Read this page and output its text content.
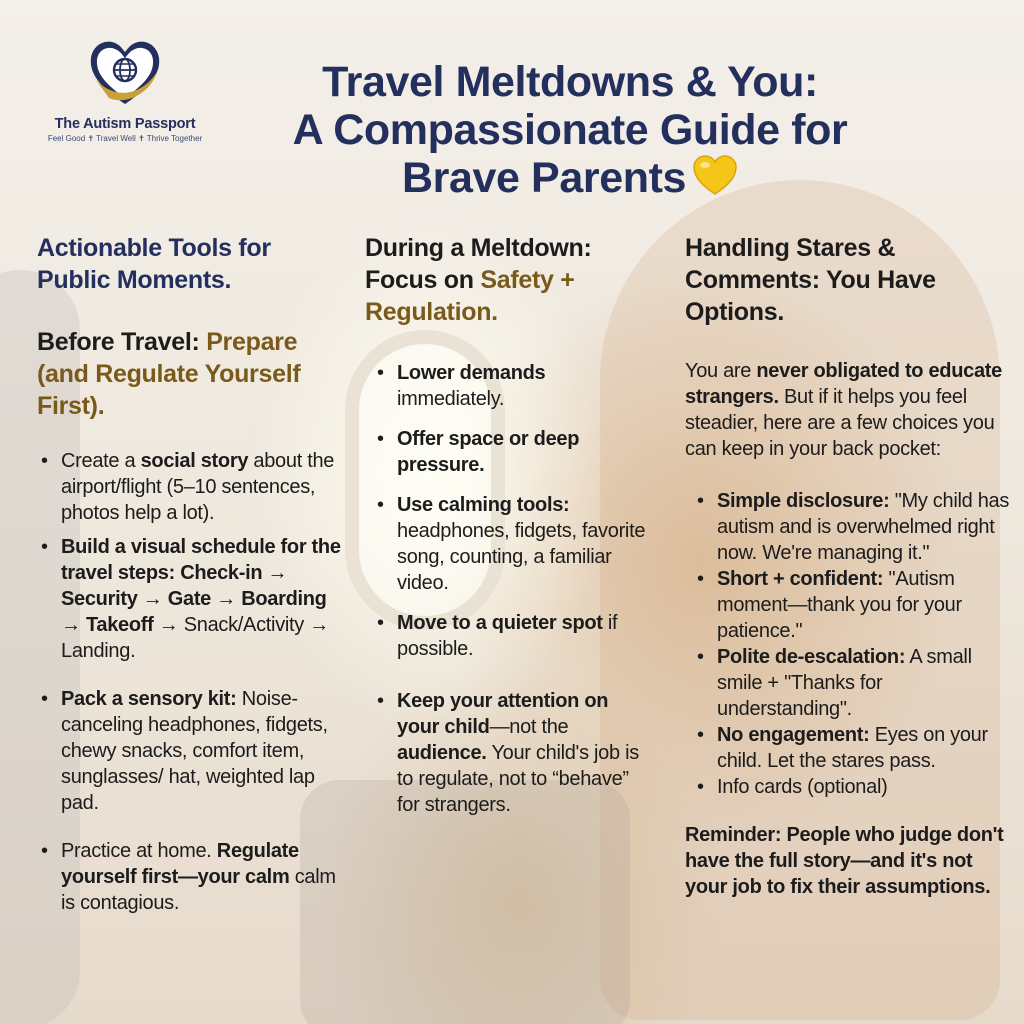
The Autism Passport
Feel Good ✝ Travel Well ✝ Thrive Together
Travel Meltdowns & You:
A Compassionate Guide for
Brave Parents
Actionable Tools for Public Moments.
Before Travel: Prepare (and Regulate Yourself First).
• Create a social story about the airport/flight (5–10 sentences, photos help a lot).
• Build a visual schedule for the travel steps: Check-in → Security → Gate → Boarding → Takeoff → Snack/Activity → Landing.
• Pack a sensory kit: Noise-canceling headphones, fidgets, chewy snacks, comfort item, sunglasses/ hat, weighted lap pad.
• Practice at home. Regulate yourself first—your calm calm is contagious.
During a Meltdown: Focus on Safety + Regulation.
• Lower demands immediately.
• Offer space or deep pressure.
• Use calming tools: headphones, fidgets, favorite song, counting, a familiar video.
• Move to a quieter spot if possible.
• Keep your attention on your child—not the audience. Your child's job is to regulate, not to “behave” for strangers.
Handling Stares & Comments: You Have Options.
You are never obligated to educate strangers. But if it helps you feel steadier, here are a few choices you can keep in your back pocket:
• Simple disclosure: "My child has autism and is overwhelmed right now. We're managing it."
• Short + confident: "Autism moment—thank you for your patience."
• Polite de-escalation: A small smile + "Thanks for understanding".
• No engagement: Eyes on your child. Let the stares pass.
• Info cards (optional)
Reminder: People who judge don't have the full story—and it's not your job to fix their assumptions.
